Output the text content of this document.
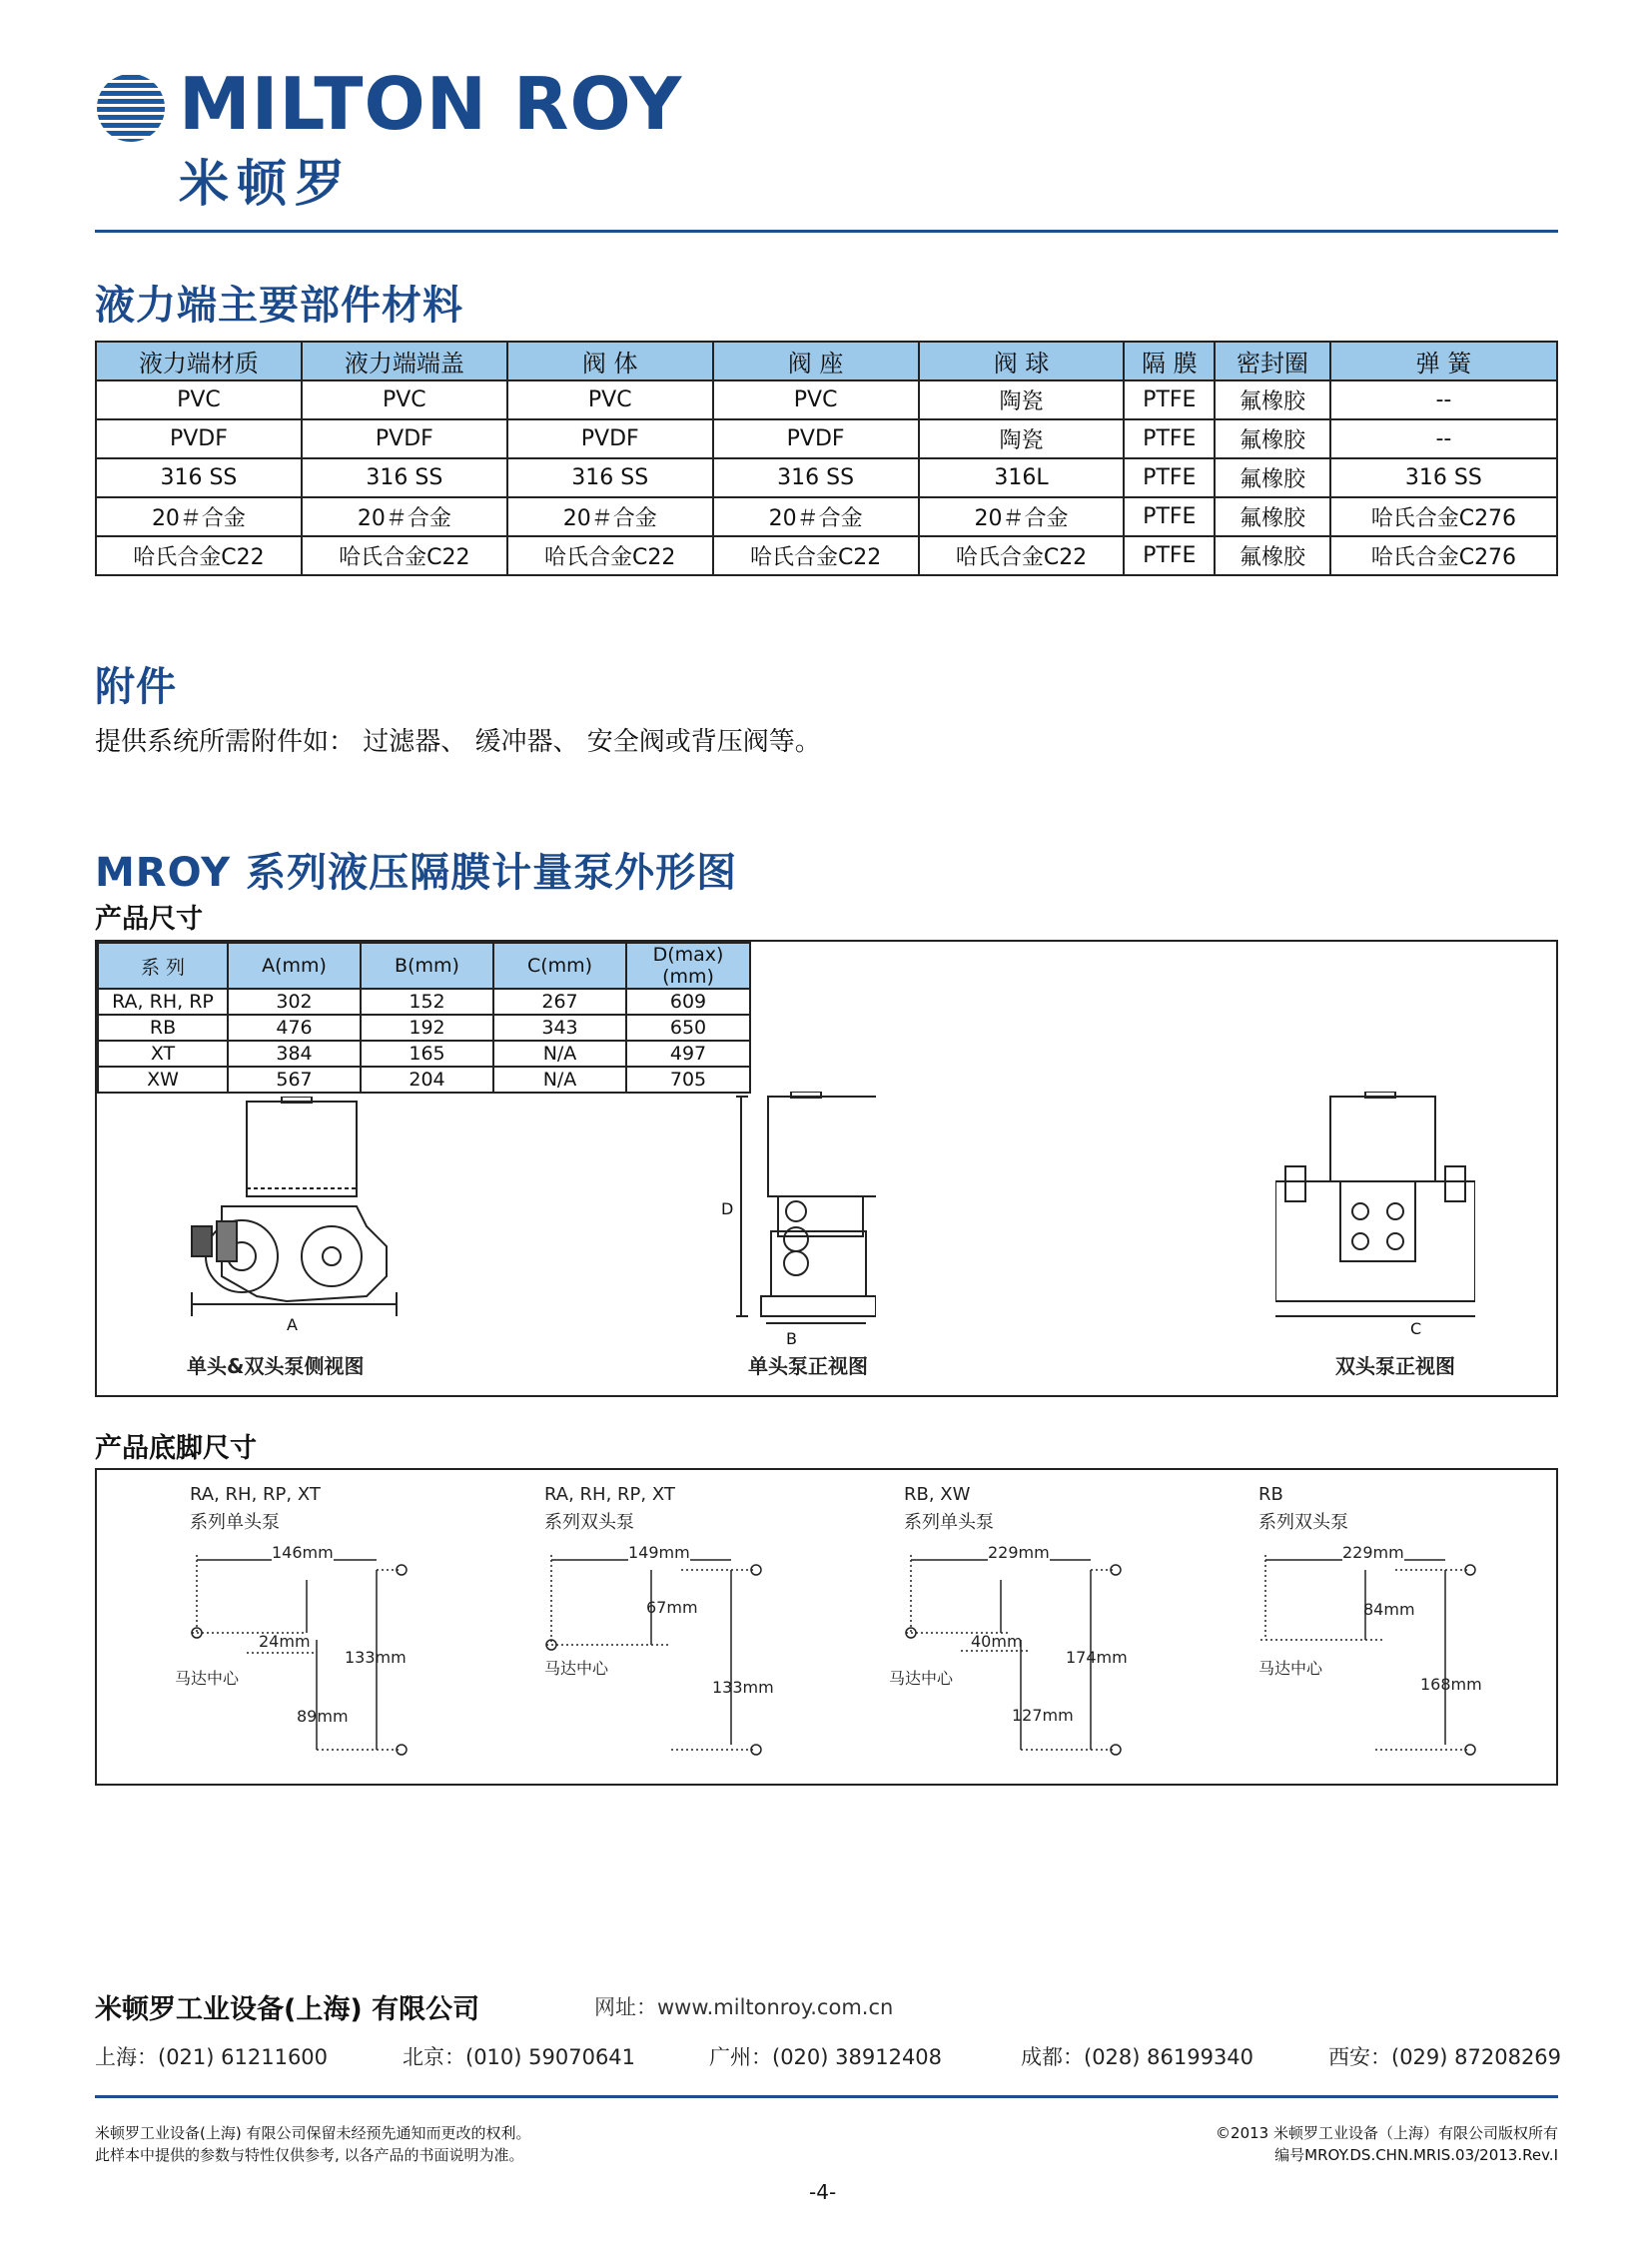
MILTON ROY
米顿罗
液力端主要部件材料
液力端材质	液力端端盖	阀 体	阀 座	阀 球	隔 膜	密封圈	弹 簧
PVC	PVC	PVC	PVC	陶瓷	PTFE	氟橡胶	--
PVDF	PVDF	PVDF	PVDF	陶瓷	PTFE	氟橡胶	--
316 SS	316 SS	316 SS	316 SS	316L	PTFE	氟橡胶	316 SS
20＃合金	20＃合金	20＃合金	20＃合金	20＃合金	PTFE	氟橡胶	哈氏合金C276
哈氏合金C22	哈氏合金C22	哈氏合金C22	哈氏合金C22	哈氏合金C22	PTFE	氟橡胶	哈氏合金C276
附件
提供系统所需附件如： 过滤器、 缓冲器、 安全阀或背压阀等。
MROY 系列液压隔膜计量泵外形图
产品尺寸
系 列	A(mm)	B(mm)	C(mm)	D(max)(mm)
RA, RH, RP	302	152	267	609
RB	476	192	343	650
XT	384	165	N/A	497
XW	567	204	N/A	705
A
D
B
C
单头&双头泵侧视图	单头泵正视图	双头泵正视图
产品底脚尺寸
RA, RH, RP, XT
系列单头泵
146mm
133mm
24mm
89mm
马达中心
RA, RH, RP, XT
系列双头泵
149mm
67mm
133mm
马达中心
RB, XW
系列单头泵
229mm
40mm
174mm
127mm
马达中心
RB
系列双头泵
229mm
84mm
168mm
马达中心
米顿罗工业设备(上海) 有限公司	网址：www.miltonroy.com.cn
上海：(021) 61211600	北京：(010) 59070641	广州：(020) 38912408	成都：(028) 86199340	西安：(029) 87208269
米顿罗工业设备(上海) 有限公司保留未经预先通知而更改的权利。
此样本中提供的参数与特性仅供参考, 以各产品的书面说明为准。
©2013 米顿罗工业设备（上海）有限公司版权所有
编号MROY.DS.CHN.MRIS.03/2013.Rev.I
-4-
